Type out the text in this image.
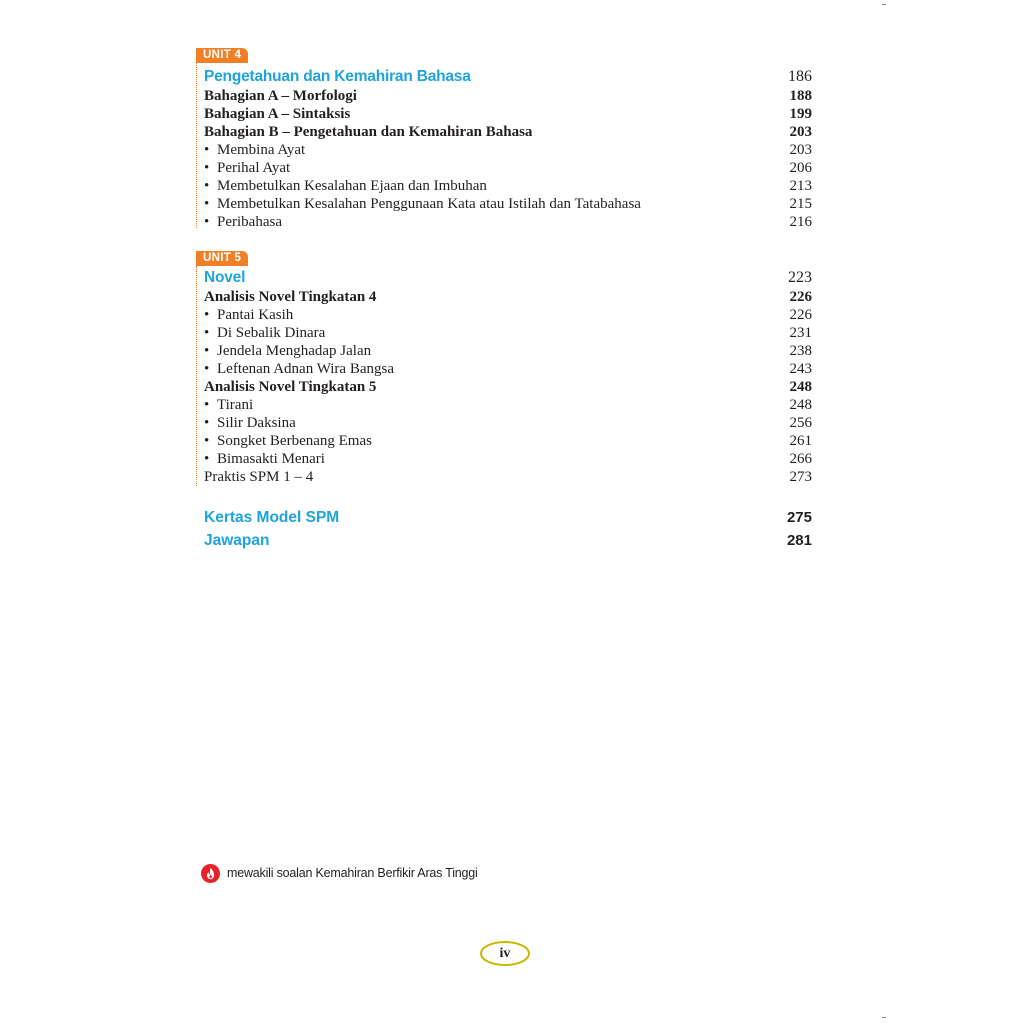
UNIT 4
Pengetahuan dan Kemahiran Bahasa	186
Bahagian A – Morfologi	188
Bahagian A – Sintaksis	199
Bahagian B – Pengetahuan dan Kemahiran Bahasa	203
• Membina Ayat	203
• Perihal Ayat	206
• Membetulkan Kesalahan Ejaan dan Imbuhan	213
• Membetulkan Kesalahan Penggunaan Kata atau Istilah dan Tatabahasa	215
• Peribahasa	216
UNIT 5
Novel	223
Analisis Novel Tingkatan 4	226
• Pantai Kasih	226
• Di Sebalik Dinara	231
• Jendela Menghadap Jalan	238
• Leftenan Adnan Wira Bangsa	243
Analisis Novel Tingkatan 5	248
• Tirani	248
• Silir Daksina	256
• Songket Berbenang Emas	261
• Bimasakti Menari	266
Praktis SPM 1 – 4	273
Kertas Model SPM	275
Jawapan	281
mewakili soalan Kemahiran Berfikir Aras Tinggi
iv
